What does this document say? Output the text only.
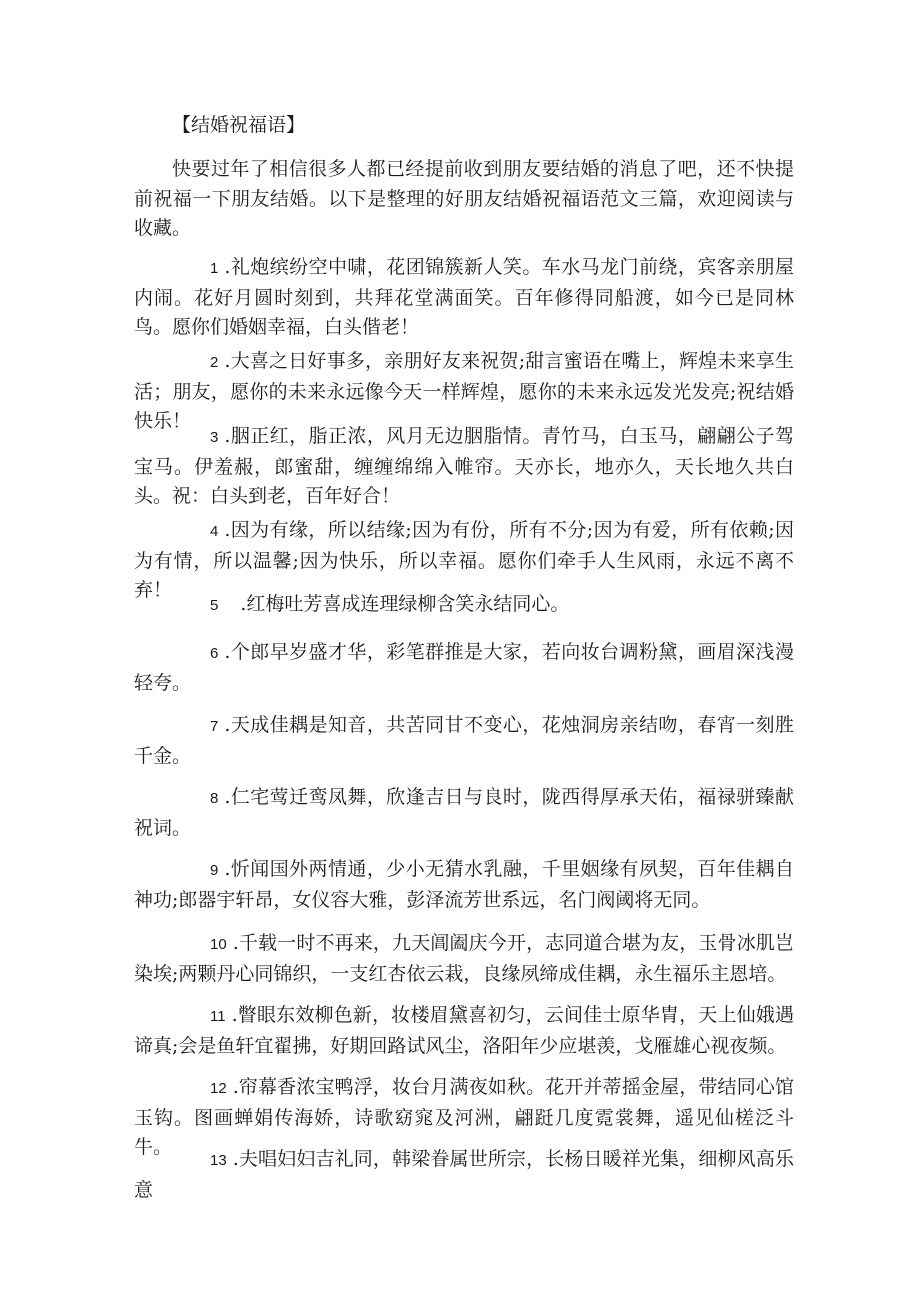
【结婚祝福语】
快要过年了相信很多人都已经提前收到朋友要结婚的消息了吧，还不快提前祝福一下朋友结婚。以下是整理的好朋友结婚祝福语范文三篇，欢迎阅读与收藏。
1 .礼炮缤纷空中啸，花团锦簇新人笑。车水马龙门前绕，宾客亲朋屋内闹。花好月圆时刻到，共拜花堂满面笑。百年修得同船渡，如今已是同林鸟。愿你们婚姻幸福，白头偕老！
2 .大喜之日好事多，亲朋好友来祝贺;甜言蜜语在嘴上，辉煌未来享生活；朋友，愿你的未来永远像今天一样辉煌，愿你的未来永远发光发亮;祝结婚快乐！
3 .胭正红，脂正浓，风月无边胭脂情。青竹马，白玉马，翩翩公子驾宝马。伊羞赧，郎蜜甜，缠缠绵绵入帷帘。天亦长，地亦久，天长地久共白头。祝：白头到老，百年好合！
4 .因为有缘，所以结缘;因为有份，所有不分;因为有爱，所有依赖;因为有情，所以温馨;因为快乐，所以幸福。愿你们牵手人生风雨，永远不离不弃！
5 .红梅吐芳喜成连理绿柳含笑永结同心。
6 .个郎早岁盛才华，彩笔群推是大家，若向妆台调粉黛，画眉深浅漫轻夸。
7 .天成佳耦是知音，共苦同甘不变心，花烛洞房亲结吻，春宵一刻胜千金。
8 .仁宅莺迁鸾凤舞，欣逢吉日与良时，陇西得厚承天佑，福禄骈臻献祝词。
9 .忻闻国外两情通，少小无猜水乳融，千里姻缘有夙契，百年佳耦自神功;郎器宇轩昂，女仪容大雅，彭泽流芳世系远，名门阀阈将无同。
10 .千载一时不再来，九天阊阖庆今开，志同道合堪为友，玉骨冰肌岂染埃;两颗丹心同锦织，一支红杏依云栽，良缘夙缔成佳耦，永生福乐主恩培。
11 .瞥眼东效柳色新，妆楼眉黛喜初匀，云间佳士原华胄，天上仙娥遇谛真;会是鱼轩宜翟拂，好期回路试风尘，洛阳年少应堪羡，戈雁雄心视夜频。
12 .帘幕香浓宝鸭浮，妆台月满夜如秋。花开并蒂摇金屋，带结同心馆玉钩。图画蝉娟传海娇，诗歌窈窕及河洲，翩跹几度霓裳舞，遥见仙槎泛斗牛。
13 .夫唱妇妇吉礼同，韩梁眷属世所宗，长杨日暖祥光集，细柳风高乐意
